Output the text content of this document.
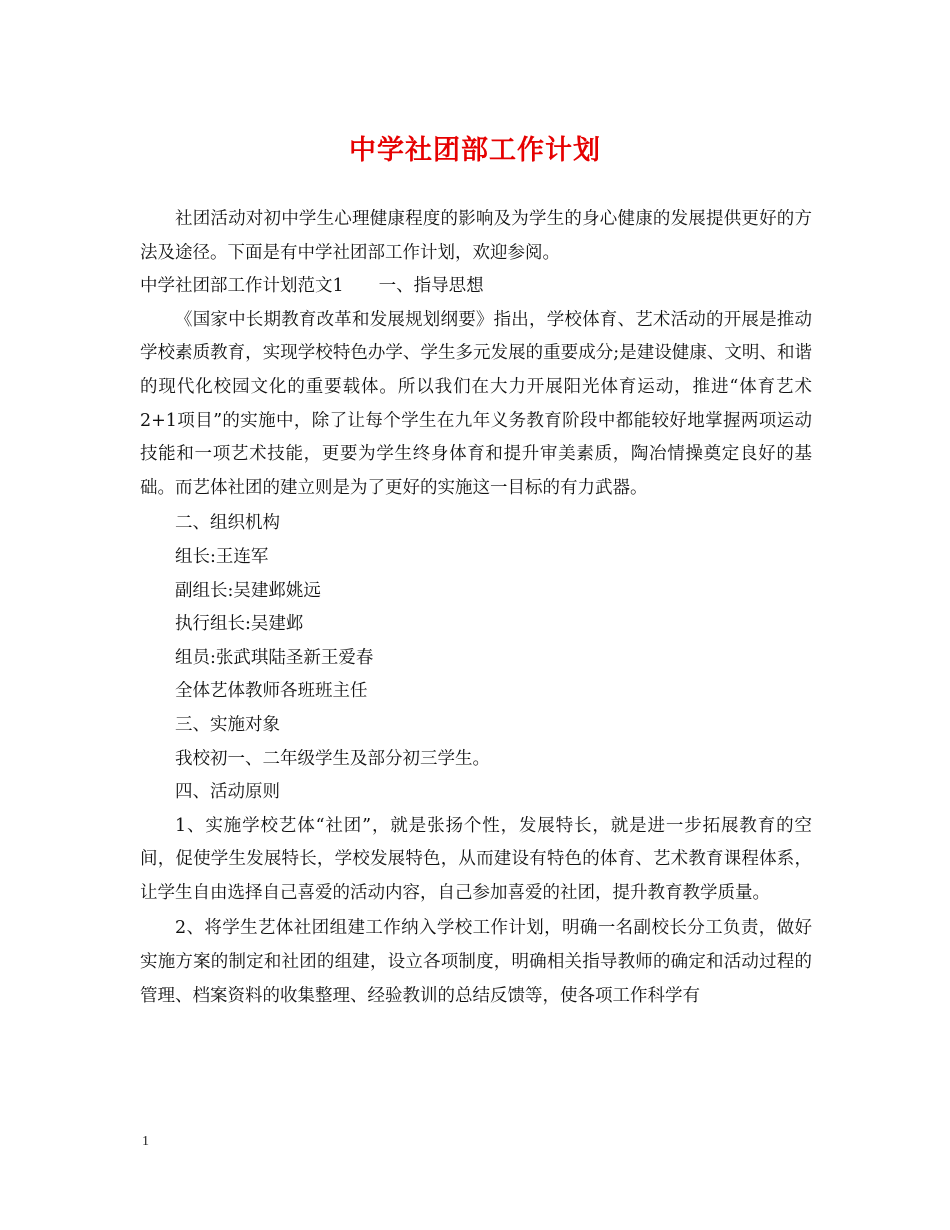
中学社团部工作计划

社团活动对初中学生心理健康程度的影响及为学生的身心健康的发展提供更好的方法及途径。下面是有中学社团部工作计划，欢迎参阅。

中学社团部工作计划范文1　　一、指导思想

《国家中长期教育改革和发展规划纲要》指出，学校体育、艺术活动的开展是推动学校素质教育，实现学校特色办学、学生多元发展的重要成分;是建设健康、文明、和谐的现代化校园文化的重要载体。所以我们在大力开展阳光体育运动，推进“体育艺术2+1项目”的实施中，除了让每个学生在九年义务教育阶段中都能较好地掌握两项运动技能和一项艺术技能，更要为学生终身体育和提升审美素质，陶冶情操奠定良好的基础。而艺体社团的建立则是为了更好的实施这一目标的有力武器。

二、组织机构

组长:王连军

副组长:吴建邺姚远

执行组长:吴建邺

组员:张武琪陆圣新王爱春

全体艺体教师各班班主任

三、实施对象

我校初一、二年级学生及部分初三学生。

四、活动原则

1、实施学校艺体“社团”，就是张扬个性，发展特长，就是进一步拓展教育的空间，促使学生发展特长，学校发展特色，从而建设有特色的体育、艺术教育课程体系，让学生自由选择自己喜爱的活动内容，自己参加喜爱的社团，提升教育教学质量。

2、将学生艺体社团组建工作纳入学校工作计划，明确一名副校长分工负责，做好实施方案的制定和社团的组建，设立各项制度，明确相关指导教师的确定和活动过程的管理、档案资料的收集整理、经验教训的总结反馈等，使各项工作科学有

1
